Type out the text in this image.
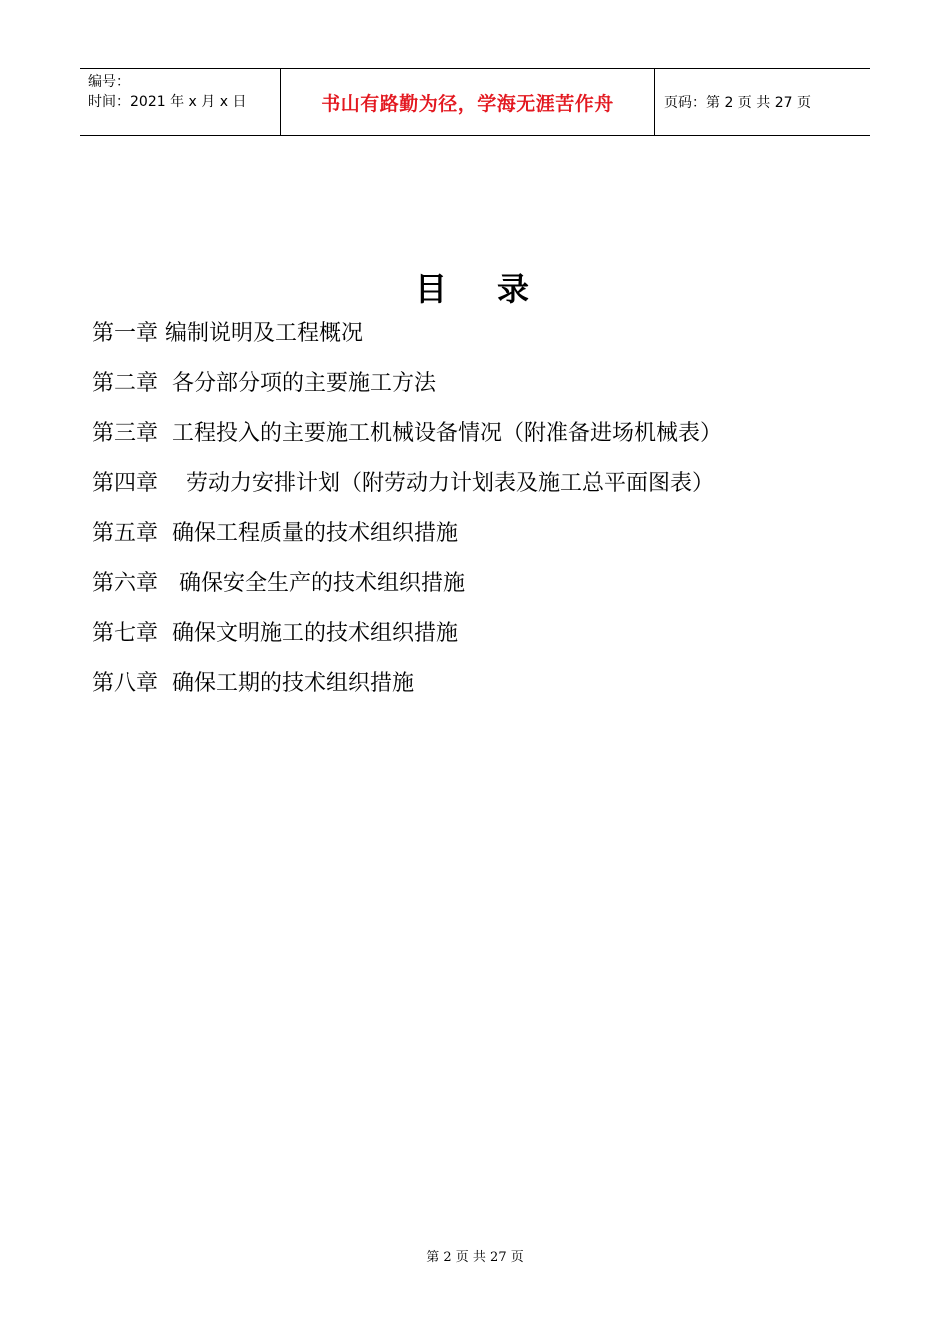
编号：
时间：2021 年 x 月 x 日	书山有路勤为径，学海无涯苦作舟	页码：第 2 页 共 27 页
目 录
第一章 编制说明及工程概况
第二章 各分部分项的主要施工方法
第三章 工程投入的主要施工机械设备情况（附准备进场机械表）
第四章 劳动力安排计划（附劳动力计划表及施工总平面图表）
第五章 确保工程质量的技术组织措施
第六章 确保安全生产的技术组织措施
第七章 确保文明施工的技术组织措施
第八章 确保工期的技术组织措施
第 2 页 共 27 页
